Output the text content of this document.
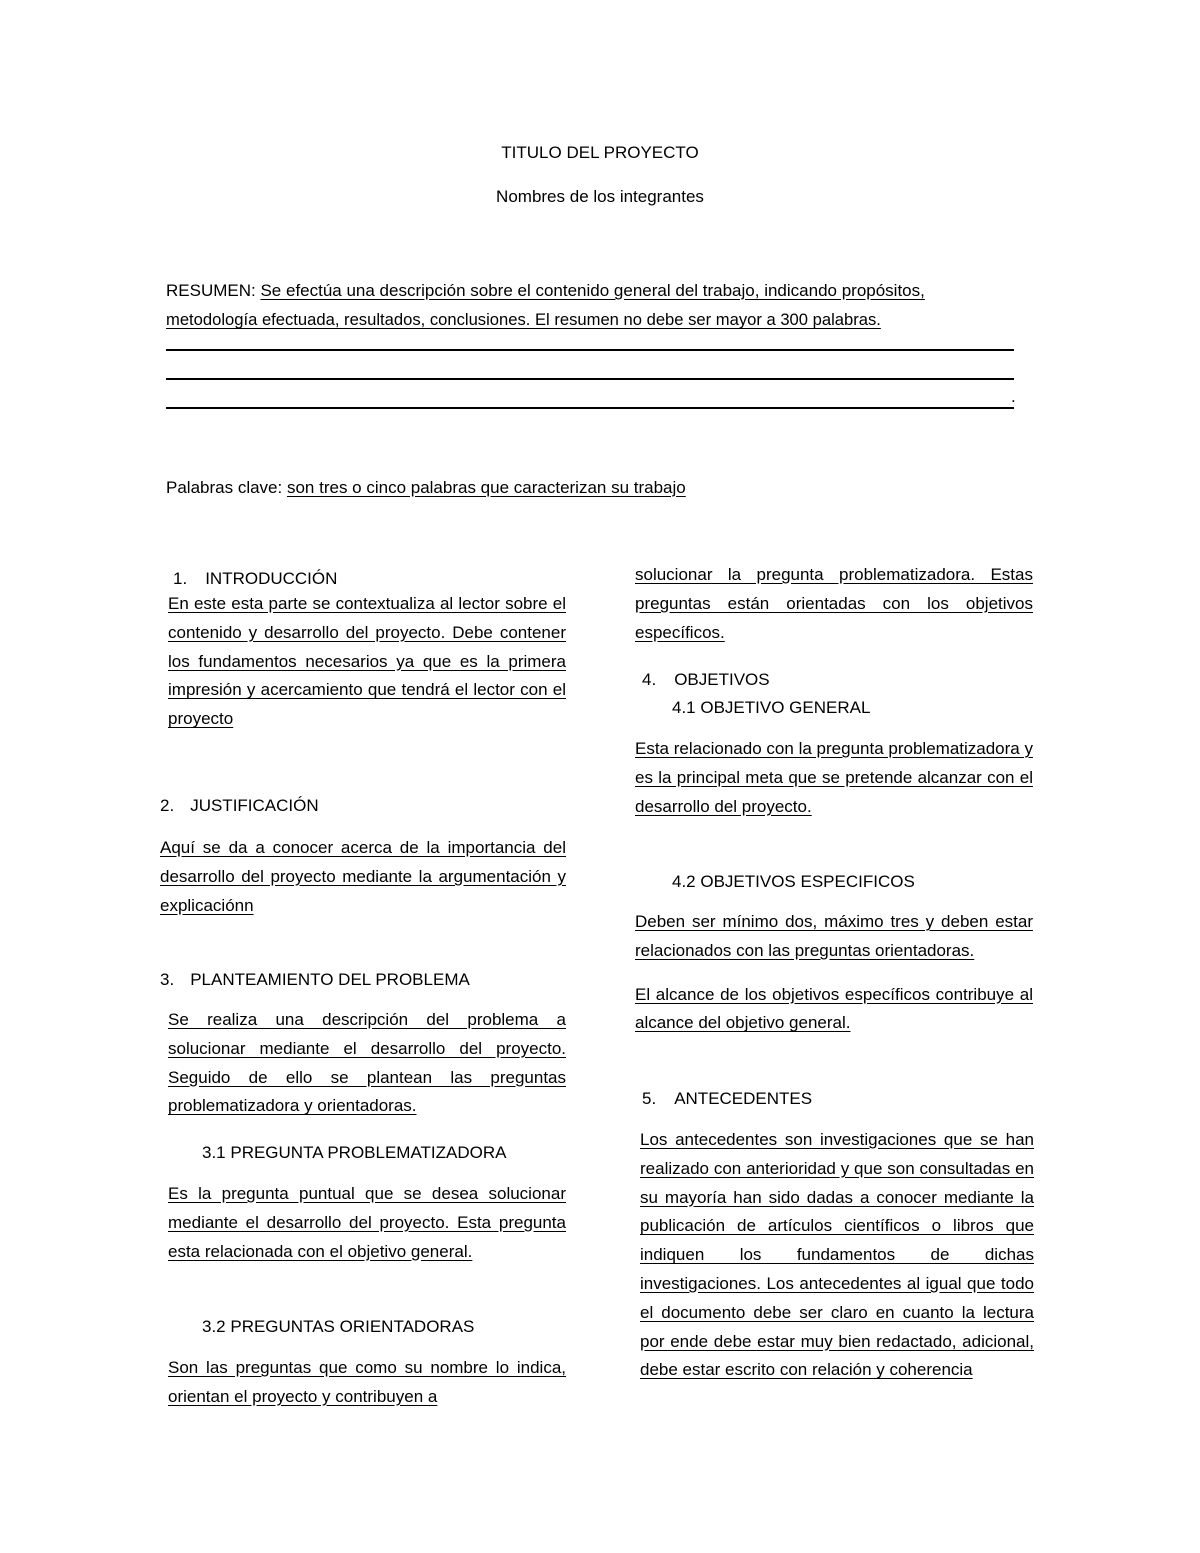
TITULO DEL PROYECTO
Nombres de los integrantes
RESUMEN: Se efectúa una descripción sobre el contenido general del trabajo, indicando propósitos,
metodología efectuada, resultados, conclusiones. El resumen no debe ser mayor a 300 palabras.
.
Palabras clave: son tres o cinco palabras que caracterizan su trabajo
1. INTRODUCCIÓN

En este esta parte se contextualiza al lector sobre el contenido y desarrollo del proyecto. Debe contener los fundamentos necesarios ya que es la primera impresión y acercamiento que tendrá el lector con el proyecto

2. JUSTIFICACIÓN

Aquí se da a conocer acerca de la importancia del desarrollo del proyecto mediante la argumentación y explicaciónn

3. PLANTEAMIENTO DEL PROBLEMA

Se realiza una descripción del problema a solucionar mediante el desarrollo del proyecto. Seguido de ello se plantean las preguntas problematizadora y orientadoras.

3.1 PREGUNTA PROBLEMATIZADORA

Es la pregunta puntual que se desea solucionar mediante el desarrollo del proyecto. Esta pregunta esta relacionada con el objetivo general.

3.2 PREGUNTAS ORIENTADORAS

Son las preguntas que como su nombre lo indica, orientan el proyecto y contribuyen a

solucionar la pregunta problematizadora. Estas preguntas están orientadas con los objetivos específicos.

4. OBJETIVOS
4.1 OBJETIVO GENERAL

Esta relacionado con la pregunta problematizadora y es la principal meta que se pretende alcanzar con el desarrollo del proyecto.

4.2 OBJETIVOS ESPECIFICOS

Deben ser mínimo dos, máximo tres y deben estar relacionados con las preguntas orientadoras.

El alcance de los objetivos específicos contribuye al alcance del objetivo general.

5. ANTECEDENTES

Los antecedentes son investigaciones que se han realizado con anterioridad y que son consultadas en su mayoría han sido dadas a conocer mediante la publicación de artículos científicos o libros que indiquen los fundamentos de dichas investigaciones. Los antecedentes al igual que todo el documento debe ser claro en cuanto la lectura por ende debe estar muy bien redactado, adicional, debe estar escrito con relación y coherencia
